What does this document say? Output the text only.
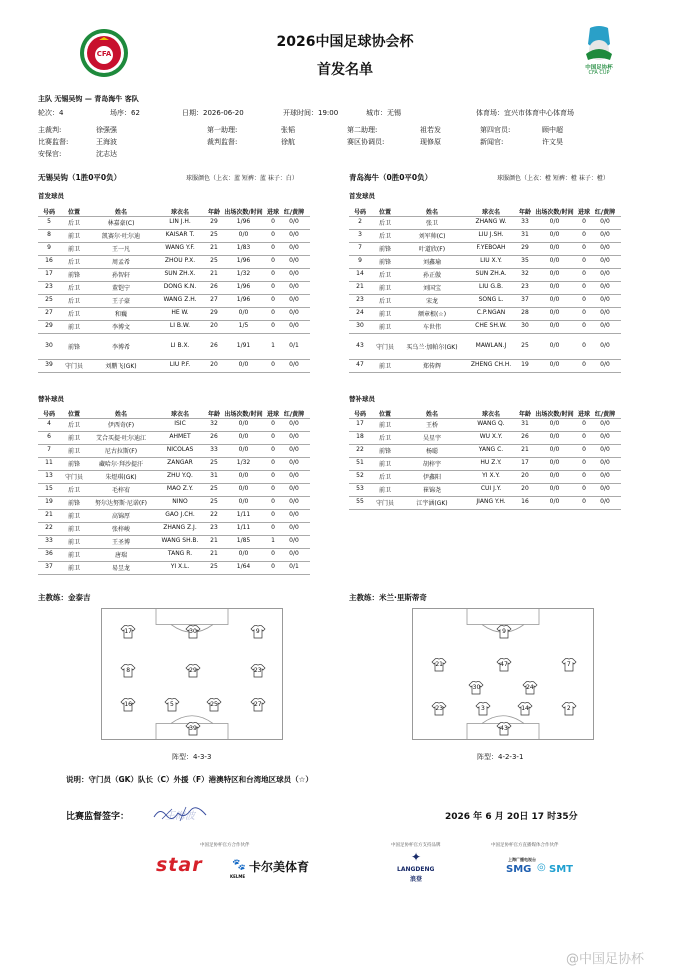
CFA
2026中国足球协会杯
首发名单	中国足协杯
CFA CUP
主队 无锡吴钩 — 青岛海牛 客队
轮次：4	场序：62	日期：2026-06-20	开球时间：19:00	城市：无锡	体育场：宜兴市体育中心体育场
主裁判:	徐强强	第一助理:	张韬	第二助理:	祖若发	第四官员:	顾中超
比赛监督:	王海波	裁判监督:	徐航	赛区协调员:	现修原	新闻官:	许文昊
安保官:	沈志达
无锡吴钩（1胜0平0负）	球服颜色（上衣：蓝 短裤：蓝 袜子：白）	青岛海牛（0胜0平0负）	球服颜色（上衣：橙 短裤：橙 袜子：橙）
首发球员	首发球员
替补球员	替补球员
号码	位置	姓名	球衣名	年龄 出场次数/时间 进球 红/黄牌
5	后卫	林嘉豪(C)	LIN J.H.	29	1/96	0	0/0
8	前卫	凯赛尔·吐尔迪	KAISAR T.	25	0/0	0	0/0
9	前卫	王一凡	WANG Y.F.	21	1/83	0	0/0
16	后卫	周孟希	ZHOU P.X.	25	1/96	0	0/0
17	前锋	孙智轩	SUN ZH.X.	21	1/32	0	0/0
23	后卫	董铠宁	DONG K.N.	26	1/96	0	0/0
25	后卫	王子豪	WANG Z.H.	27	1/96	0	0/0
27	后卫	和巍	HE W.	29	0/0	0	0/0
29	前卫	李博文	LI B.W.	20	1/5	0	0/0
30	前锋	李博希	LI B.X.	26	1/91	1	0/1
39	守门员	刘鹏飞(GK)	LIU P.F.	20	0/0	0	0/0
号码	位置	姓名	球衣名	年龄 出场次数/时间 进球 红/黄牌
2	后卫	张卫	ZHANG W.	33	0/0	0	0/0
3	后卫	刘军帅(C)	LIU J.SH.	31	0/0	0	0/0
7	前锋	叶道欣(F)	F.YEBOAH	29	0/0	0	0/0
9	前锋	刘鑫瑜	LIU X.Y.	35	0/0	0	0/0
14	后卫	孙正傲	SUN ZH.A.	32	0/0	0	0/0
21	前卫	刘国宝	LIU G.B.	23	0/0	0	0/0
23	后卫	宋龙	SONG L.	37	0/0	0	0/0
24	前卫	额章根(☆)	C.P.NGAN	28	0/0	0	0/0
30	前卫	车世伟	CHE SH.W.	30	0/0	0	0/0
43	守门员	买乌兰·加帕尔(GK)	MAWLAN.J	25	0/0	0	0/0
47	前卫	郑传辉	ZHENG CH.H.	19	0/0	0	0/0
号码	位置	姓名	球衣名	年龄 出场次数/时间 进球 红/黄牌
4	后卫	伊西奇(F)	ISIC	32	0/0	0	0/0
6	前卫	艾合买提·吐尔迪江	AHMET	26	0/0	0	0/0
7	前卫	尼古拉斯(F)	NICOLAS	33	0/0	0	0/0
11	前锋	藏哈尔·拜沙提汗	ZANGAR	25	1/32	0	0/0
13	守门员	朱煜琪(GK)	ZHU Y.Q.	31	0/0	0	0/0
15	后卫	毛梓宥	MAO Z.Y.	25	0/0	0	0/0
19	前锋	努尔达努斯·尼诺(F)	NINO	25	0/0	0	0/0
21	前卫	高锦厚	GAO J.CH.	22	1/11	0	0/0
22	前卫	张梓峻	ZHANG Z.J.	23	1/11	0	0/0
33	前卫	王圣博	WANG SH.B.	21	1/85	1	0/0
36	前卫	唐瑞	TANG R.	21	0/0	0	0/0
37	前卫	易昱龙	YI X.L.	25	1/64	0	0/1
号码	位置	姓名	球衣名	年龄 出场次数/时间 进球 红/黄牌
17	前卫	王桥	WANG Q.	31	0/0	0	0/0
18	后卫	吴星宇	WU X.Y.	26	0/0	0	0/0
22	前锋	杨聪	YANG C.	21	0/0	0	0/0
51	前卫	胡梓宇	HU Z.Y.	17	0/0	0	0/0
52	后卫	伊鑫阳	YI X.Y.	20	0/0	0	0/0
53	前卫	崔锦尧	CUI J.Y.	20	0/0	0	0/0
55	守门员	江宇涵(GK)	JIANG Y.H.	16	0/0	0	0/0
主教练：金泰吉	主教练：米兰·里斯蒂奇
17	30	9
8	29	23
16	5	25	27
39
9
21	47	7
30	24
23	3	14	2
43
阵型：4-3-3	阵型：4-2-3-1
说明：守门员（GK）队长（C）外援（F）港澳特区和台湾地区球员（☆）
比赛监督签字：	王海波	2026 年 6 月 20日 17 时35分
中国足协杯官方合作伙伴	中国足协杯官方支持品牌	中国足协杯官方直播媒体合作伙伴
star	🐾 卡尔美体育
KELME
✦
LANGDENG
浪登
上海广播电视台
SMG ◎ SMT
@中国足协杯
